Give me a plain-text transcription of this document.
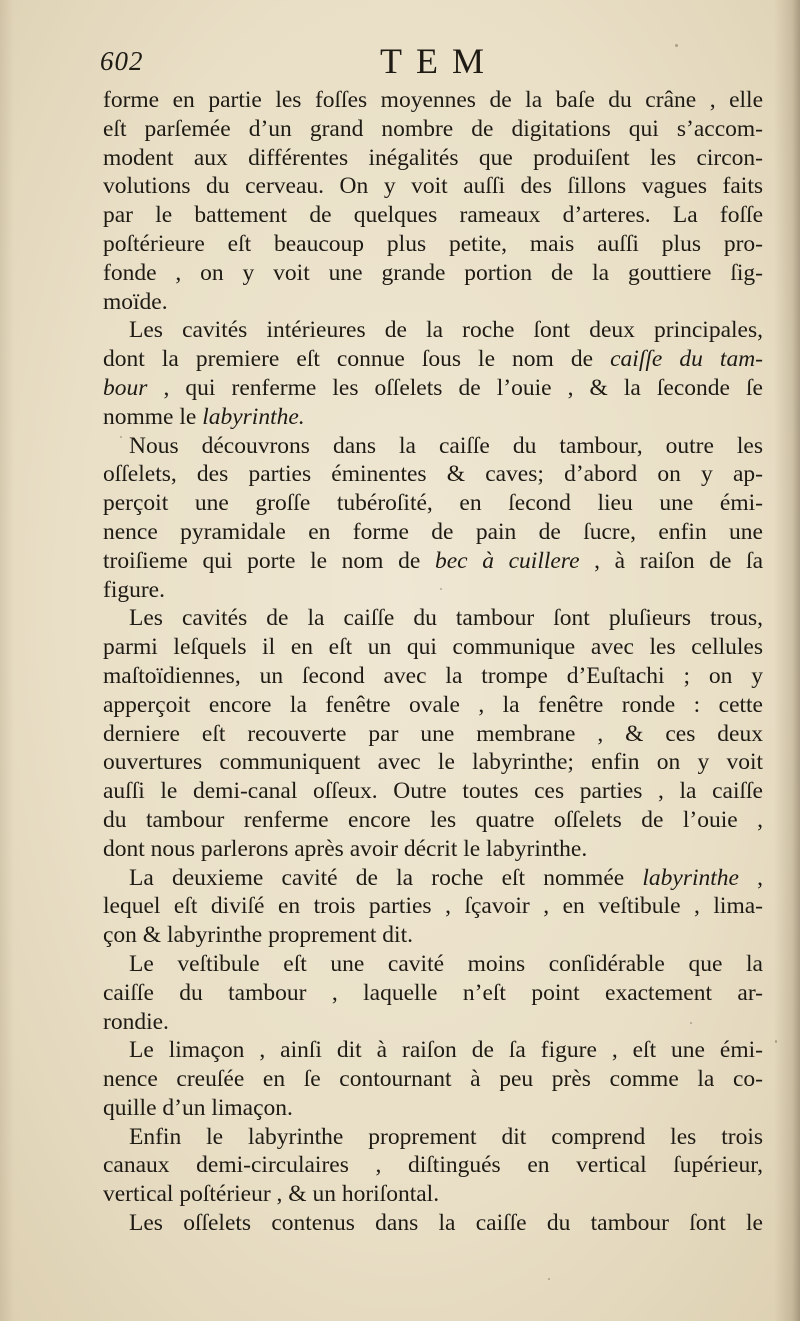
602	TEM
forme en partie les foſſes moyennes de la baſe du crâne , elle
eſt parſemée d’un grand nombre de digitations qui s’accom-
modent aux différentes inégalités que produiſent les circon-
volutions du cerveau. On y voit auſſi des ſillons vagues faits
par le battement de quelques rameaux d’arteres. La foſſe
poſtérieure eſt beaucoup plus petite, mais auſſi plus pro-
fonde , on y voit une grande portion de la gouttiere ſig-
moïde.
Les cavités intérieures de la roche ſont deux principales,
dont la premiere eſt connue ſous le nom de caiſſe du tam-
bour , qui renferme les oſſelets de l’ouie , & la ſeconde ſe
nomme le labyrinthe.
Nous découvrons dans la caiſſe du tambour, outre les
oſſelets, des parties éminentes & caves; d’abord on y ap-
perçoit une groſſe tubéroſité, en ſecond lieu une émi-
nence pyramidale en forme de pain de ſucre, enfin une
troiſieme qui porte le nom de bec à cuillere , à raiſon de ſa
figure.
Les cavités de la caiſſe du tambour ſont pluſieurs trous,
parmi leſquels il en eſt un qui communique avec les cellules
maſtoïdiennes, un ſecond avec la trompe d’Euſtachi ; on y
apperçoit encore la fenêtre ovale , la fenêtre ronde : cette
derniere eſt recouverte par une membrane , & ces deux
ouvertures communiquent avec le labyrinthe; enfin on y voit
auſſi le demi-canal oſſeux. Outre toutes ces parties , la caiſſe
du tambour renferme encore les quatre oſſelets de l’ouie ,
dont nous parlerons après avoir décrit le labyrinthe.
La deuxieme cavité de la roche eſt nommée labyrinthe ,
lequel eſt diviſé en trois parties , ſçavoir , en veſtibule , lima-
çon & labyrinthe proprement dit.
Le veſtibule eſt une cavité moins conſidérable que la
caiſſe du tambour , laquelle n’eſt point exactement ar-
rondie.
Le limaçon , ainſi dit à raiſon de ſa figure , eſt une émi-
nence creuſée en ſe contournant à peu près comme la co-
quille d’un limaçon.
Enfin le labyrinthe proprement dit comprend les trois
canaux demi-circulaires , diſtingués en vertical ſupérieur,
vertical poſtérieur , & un horiſontal.
Les oſſelets contenus dans la caiſſe du tambour ſont le
